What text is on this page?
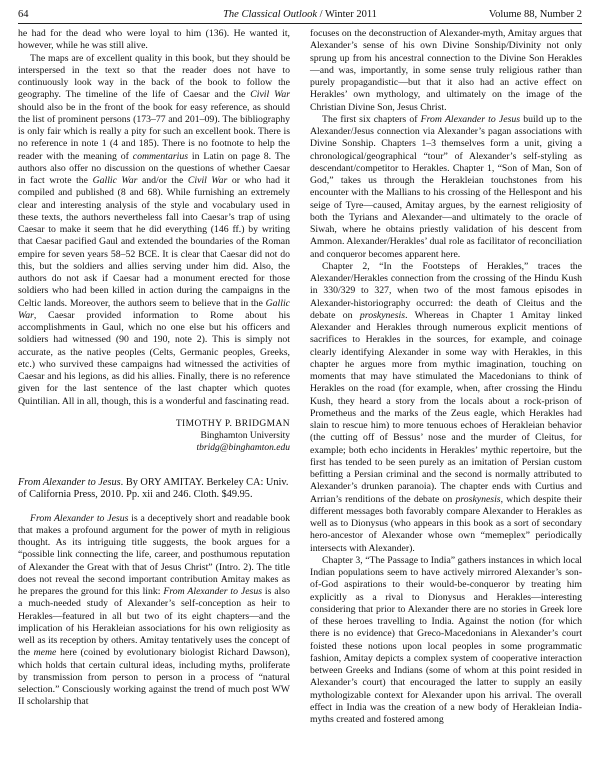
64	The Classical Outlook / Winter 2011	Volume 88, Number 2

he had for the dead who were loyal to him (136). He wanted it, however, while he was still alive.

The maps are of excellent quality in this book, but they should be interspersed in the text so that the reader does not have to continuously look way in the back of the book to follow the geography. The timeline of the life of Caesar and the Civil War should also be in the front of the book for easy reference, as should the list of prominent persons (173–77 and 201–09). The bibliography is only fair which is really a pity for such an excellent book. There is no reference in note 1 (4 and 185). There is no footnote to help the reader with the meaning of commentarius in Latin on page 8. The authors also offer no discussion on the questions of whether Caesar in fact wrote the Gallic War and/or the Civil War or who had it compiled and published (8 and 68). While furnishing an extremely clear and interesting analysis of the style and vocabulary used in these texts, the authors nevertheless fall into Caesar’s trap of using Caesar to make it seem that he did everything (146 ff.) by writing that Caesar pacified Gaul and extended the boundaries of the Roman empire for seven years 58–52 BCE. It is clear that Caesar did not do this, but the soldiers and allies serving under him did. Also, the authors do not ask if Caesar had a monument erected for those soldiers who had been killed in action during the campaigns in the Celtic lands. Moreover, the authors seem to believe that in the Gallic War, Caesar provided information to Rome about his accomplishments in Gaul, which no one else but his officers and soldiers had witnessed (90 and 190, note 2). This is simply not accurate, as the native peoples (Celts, Germanic peoples, Greeks, etc.) who survived these campaigns had witnessed the activities of Caesar and his legions, as did his allies. Finally, there is no reference given for the last sentence of the last chapter which quotes Quintilian. All in all, though, this is a wonderful and fascinating read.

TIMOTHY P. BRIDGMAN
Binghamton University
tbridg@binghamton.edu
From Alexander to Jesus. By ORY AMITAY. Berkeley CA: Univ. of California Press, 2010. Pp. xii and 246. Cloth. $49.95.

From Alexander to Jesus is a deceptively short and readable book that makes a profound argument for the power of myth in religious thought. As its intriguing title suggests, the book argues for a “possible link connecting the life, career, and posthumous reputation of Alexander the Great with that of Jesus Christ” (Intro. 2). The title does not reveal the second important contribution Amitay makes as he prepares the ground for this link: From Alexander to Jesus is also a much-needed study of Alexander’s self-conception as heir to Herakles—featured in all but two of its eight chapters—and the implication of his Herakleian associations for his own religiosity as well as its reception by others. Amitay tentatively uses the concept of the meme here (coined by evolutionary biologist Richard Dawson), which holds that certain cultural ideas, including myths, proliferate by transmission from person to person in a process of “natural selection.” Consciously working against the trend of much post WW II scholarship that

focuses on the deconstruction of Alexander-myth, Amitay argues that Alexander’s sense of his own Divine Sonship/Divinity not only sprung up from his ancestral connection to the Divine Son Herakles—and was, importantly, in some sense truly religious rather than purely propagandistic—but that it also had an active effect on Herakles’ own mythology, and ultimately on the image of the Christian Divine Son, Jesus Christ.

The first six chapters of From Alexander to Jesus build up to the Alexander/Jesus connection via Alexander’s pagan associations with Divine Sonship. Chapters 1–3 themselves form a unit, giving a chronological/geographical “tour” of Alexander’s self-styling as descendant/competitor to Herakles. Chapter 1, “Son of Man, Son of God,” takes us through the Herakleian touchstones from his encounter with the Mallians to his crossing of the Hellespont and his seige of Tyre—caused, Amitay argues, by the earnest religiosity of both the Tyrians and Alexander—and ultimately to the oracle of Siwah, where he obtains priestly validation of his descent from Ammon. Alexander/Herakles’ dual role as facilitator of reconciliation and conqueror becomes apparent here.

Chapter 2, “In the Footsteps of Herakles,” traces the Alexander/Herakles connection from the crossing of the Hindu Kush in 330/329 to 327, when two of the most famous episodes in Alexander-historiography occurred: the death of Cleitus and the debate on proskynesis. Whereas in Chapter 1 Amitay linked Alexander and Herakles through numerous explicit mentions of sacrifices to Herakles in the sources, for example, and coinage clearly identifying Alexander in some way with Herakles, in this chapter he argues more from mythic imagination, touching on moments that may have stimulated the Macedonians to think of Herakles on the road (for example, when, after crossing the Hindu Kush, they heard a story from the locals about a rock-prison of Prometheus and the marks of the Zeus eagle, which Herakles had slain to rescue him) to more tenuous echoes of Herakleian behavior (the cutting off of Bessus’ nose and the murder of Cleitus, for example; both echo incidents in Herakles’ mythic repertoire, but the first has tended to be seen purely as an imitation of Persian custom befitting a Persian criminal and the second is normally attributed to Alexander’s drunken paranoia). The chapter ends with Curtius and Arrian’s renditions of the debate on proskynesis, which despite their different messages both favorably compare Alexander to Herakles as well as to Dionysus (who appears in this book as a sort of secondary hero-ancestor of Alexander whose own “memeplex” periodically intersects with Alexander).

Chapter 3, “The Passage to India” gathers instances in which local Indian populations seem to have actively mirrored Alexander’s son-of-God aspirations to their would-be-conqueror by treating him explicitly as a rival to Dionysus and Herakles—interesting considering that prior to Alexander there are no stories in Greek lore of these heroes travelling to India. Against the notion (for which there is no evidence) that Greco-Macedonians in Alexander’s court foisted these notions upon local peoples in some programmatic fashion, Amitay depicts a complex system of cooperative interaction between Greeks and Indians (some of whom at this point resided in Alexander’s court) that encouraged the latter to supply an easily mythologizable context for Alexander upon his arrival. The overall effect in India was the creation of a new body of Herakleian India-myths created and fostered among
